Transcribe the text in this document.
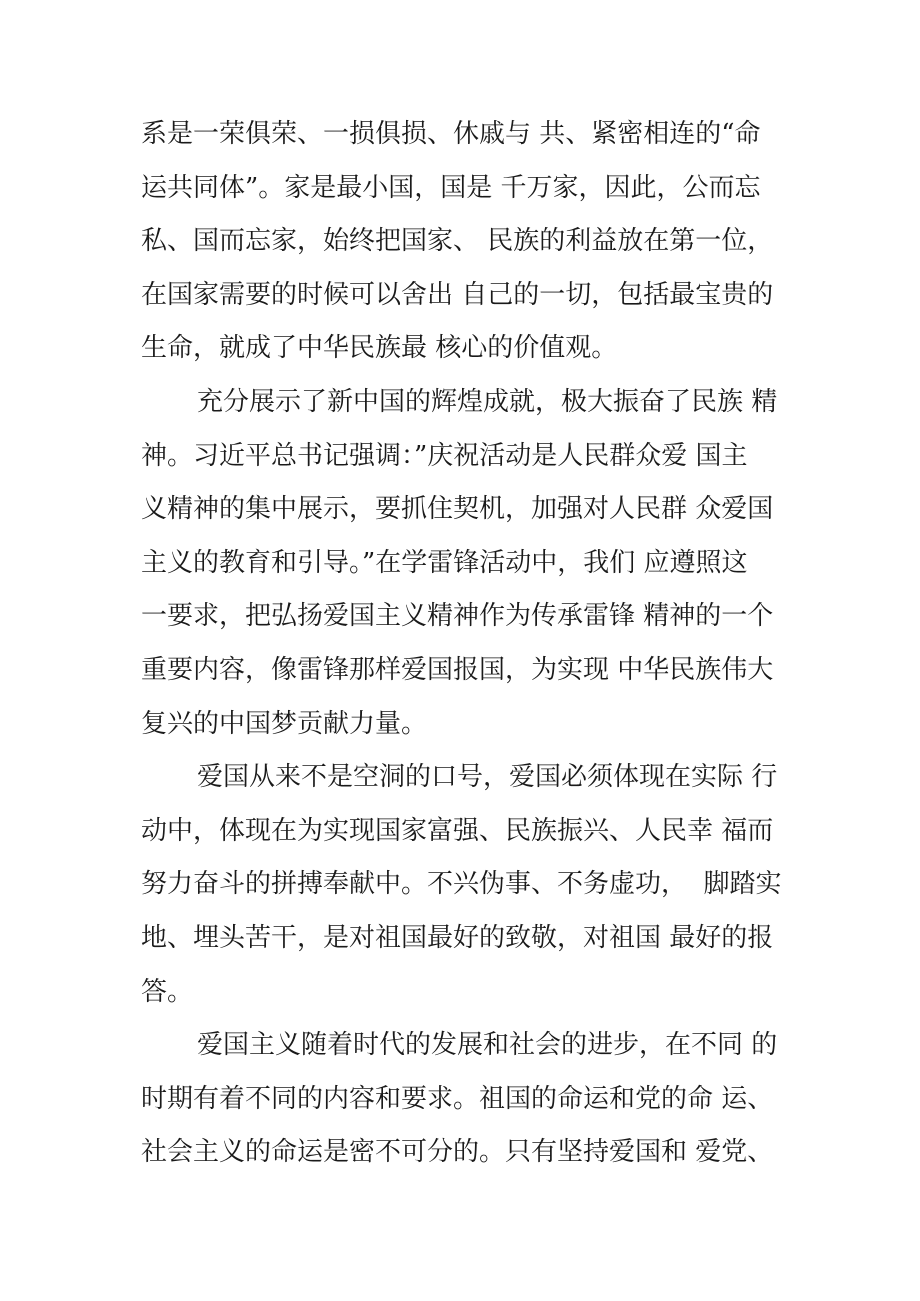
系是一荣俱荣、一损俱损、休戚与 共、紧密相连的“命
运共同体”。家是最小国，国是 千万家，因此，公而忘
私、国而忘家，始终把国家、 民族的利益放在第一位，
在国家需要的时候可以舍出 自己的一切，包括最宝贵的
生命，就成了中华民族最 核心的价值观。
充分展示了新中国的辉煌成就，极大振奋了民族 精
神。习近平总书记强调：”庆祝活动是人民群众爱 国主
义精神的集中展示，要抓住契机，加强对人民群 众爱国
主义的教育和引导。”在学雷锋活动中，我们 应遵照这
一要求，把弘扬爱国主义精神作为传承雷锋 精神的一个
重要内容，像雷锋那样爱国报国，为实现 中华民族伟大
复兴的中国梦贡献力量。
爱国从来不是空洞的口号，爱国必须体现在实际 行
动中，体现在为实现国家富强、民族振兴、人民幸 福而
努力奋斗的拼搏奉献中。不兴伪事、不务虚功，  脚踏实
地、埋头苦干，是对祖国最好的致敬，对祖国 最好的报
答。
爱国主义随着时代的发展和社会的进步，在不同 的
时期有着不同的内容和要求。祖国的命运和党的命 运、
社会主义的命运是密不可分的。只有坚持爱国和 爱党、
